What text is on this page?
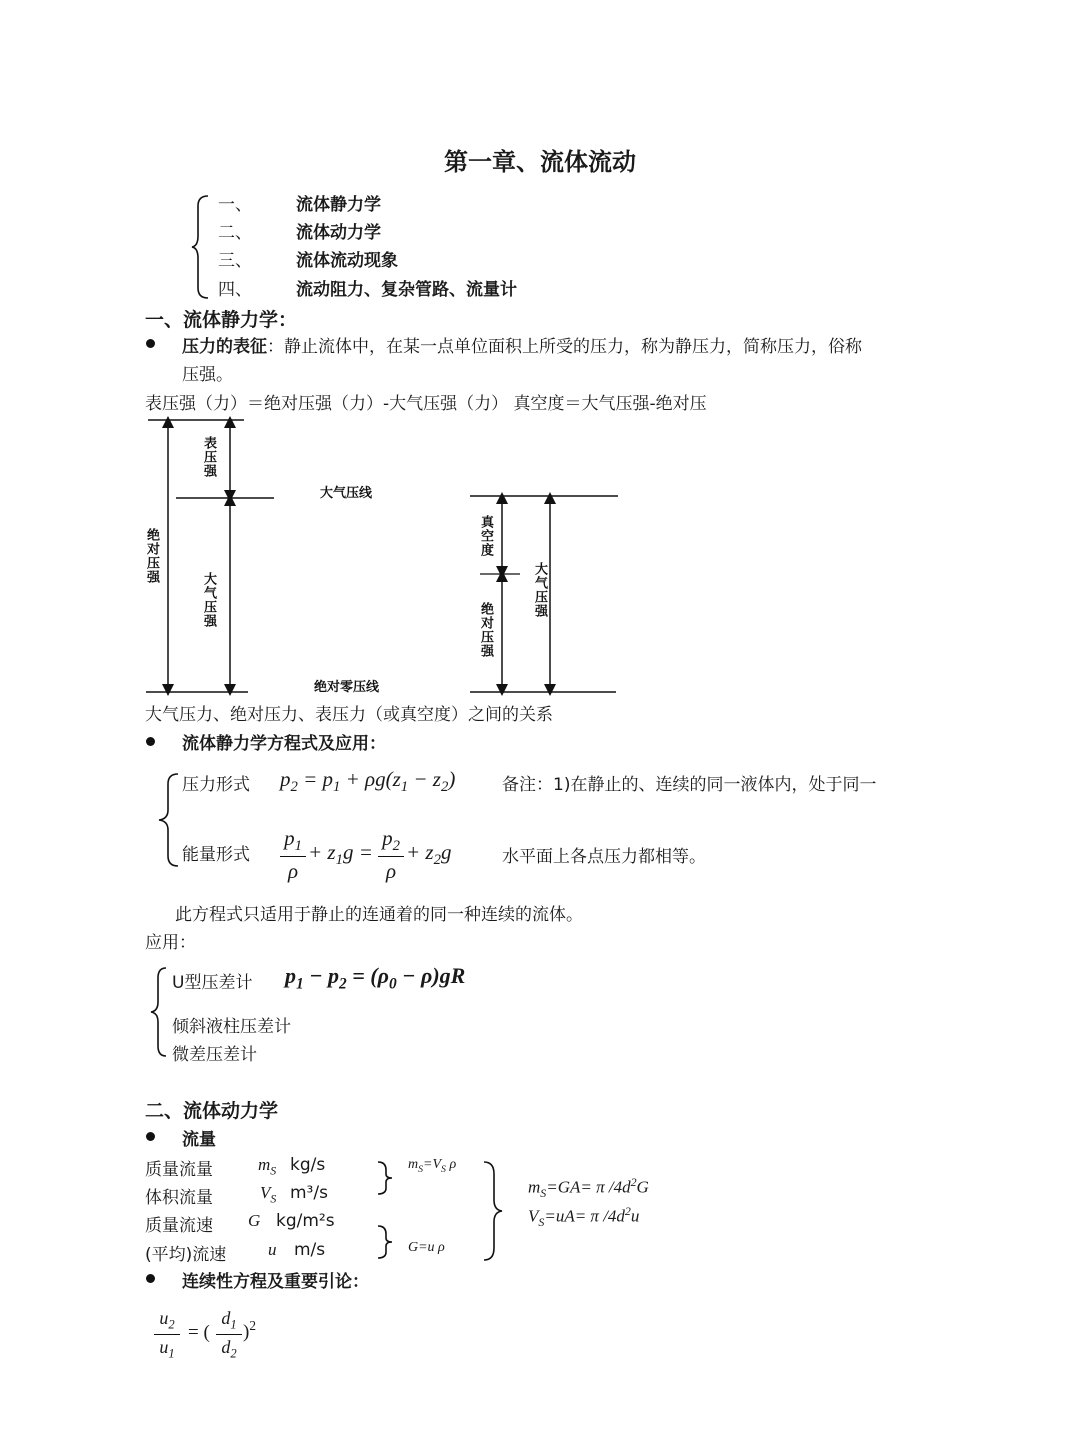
第一章、流体流动
一、	流体静力学
二、	流体动力学
三、	流体流动现象
四、	流动阻力、复杂管路、流量计
一、流体静力学：
压力的表征：静止流体中，在某一点单位面积上所受的压力，称为静压力，简称压力，俗称
压强。
表压强（力）＝绝对压强（力）-大气压强（力） 真空度＝大气压强-绝对压
表压强
大气压线
绝对压强
大气压强
绝对零压线
真空度
绝对压强
大气压强
大气压力、绝对压力、表压力（或真空度）之间的关系
流体静力学方程式及应用：
压力形式 $p_2 = p_1 + \rho g(z_1 - z_2)$	备注：1)在静止的、连续的同一液体内，处于同一
能量形式 $\frac{p_1}{\rho} + z_1g = \frac{p_2}{\rho} + z_2g$	水平面上各点压力都相等。
此方程式只适用于静止的连通着的同一种连续的流体。
应用：
U型压差计 $p_1 - p_2 = (\rho_0 - \rho)gR$
倾斜液柱压差计
微差压差计
二、流体动力学
流量
质量流量	$m_S$ kg/s
体积流量	$V_S$ m³/s
质量流速 G kg/m²s
(平均)流速 u m/s
$m_S=V_S$ ρ
G=u ρ
$m_S=GA= \pi$ $/4d^2G$
$V_S=uA= \pi$ $/4d^2u$
连续性方程及重要引论：
$\frac{u_2}{u_1}$ = ( $\frac{d_1}{d_2} )^2$
